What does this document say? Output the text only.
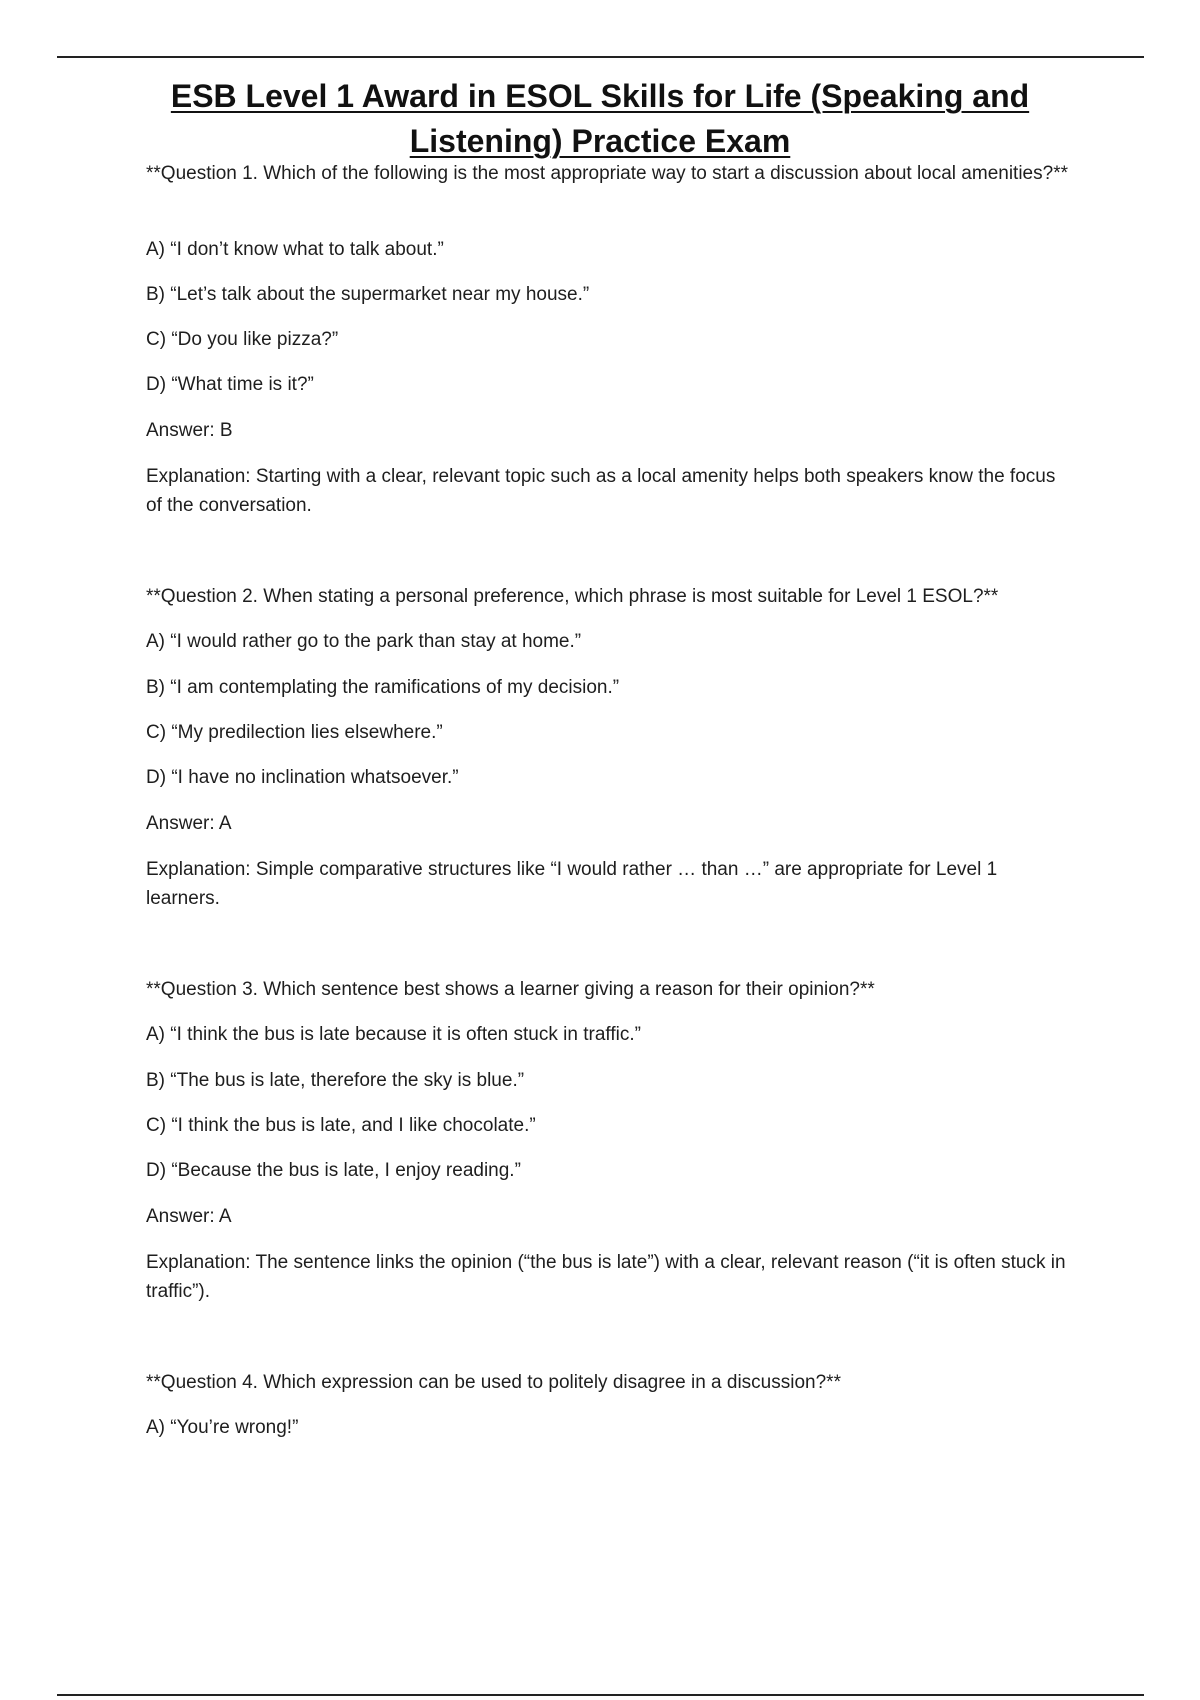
ESB Level 1 Award in ESOL Skills for Life (Speaking and
Listening) Practice Exam

**Question 1. Which of the following is the most appropriate way to start a discussion about local amenities?**

A) “I don’t know what to talk about.”

B) “Let’s talk about the supermarket near my house.”

C) “Do you like pizza?”

D) “What time is it?”

Answer: B

Explanation: Starting with a clear, relevant topic such as a local amenity helps both speakers know the focus of the conversation.

**Question 2. When stating a personal preference, which phrase is most suitable for Level 1 ESOL?**

A) “I would rather go to the park than stay at home.”

B) “I am contemplating the ramifications of my decision.”

C) “My predilection lies elsewhere.”

D) “I have no inclination whatsoever.”

Answer: A

Explanation: Simple comparative structures like “I would rather … than …” are appropriate for Level 1 learners.

**Question 3. Which sentence best shows a learner giving a reason for their opinion?**

A) “I think the bus is late because it is often stuck in traffic.”

B) “The bus is late, therefore the sky is blue.”

C) “I think the bus is late, and I like chocolate.”

D) “Because the bus is late, I enjoy reading.”

Answer: A

Explanation: The sentence links the opinion (“the bus is late”) with a clear, relevant reason (“it is often stuck in traffic”).

**Question 4. Which expression can be used to politely disagree in a discussion?**

A) “You’re wrong!”
